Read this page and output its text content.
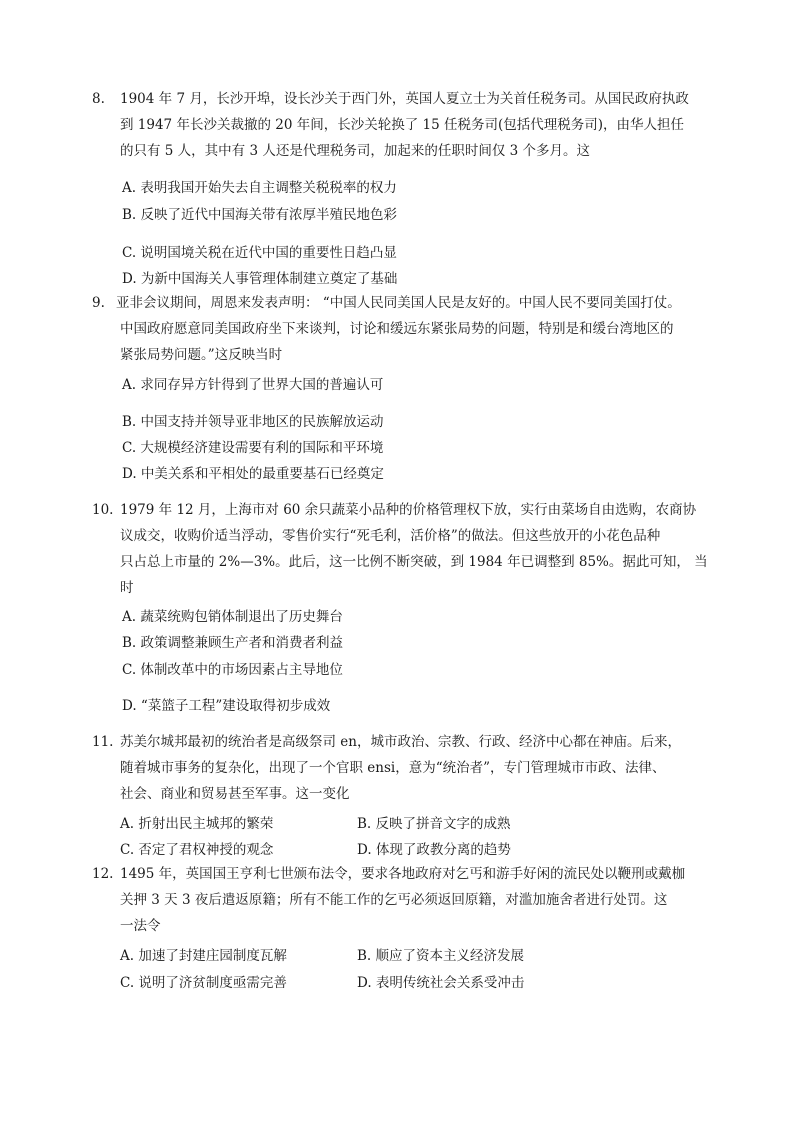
8. 1904 年 7 月，长沙开埠，设长沙关于西门外，英国人夏立士为关首任税务司。从国民政府执政
到 1947 年长沙关裁撤的 20 年间，长沙关轮换了 15 任税务司(包括代理税务司)，由华人担任
的只有 5 人，其中有 3 人还是代理税务司，加起来的任职时间仅 3 个多月。这
A. 表明我国开始失去自主调整关税税率的权力
B. 反映了近代中国海关带有浓厚半殖民地色彩
C. 说明国境关税在近代中国的重要性日趋凸显
D. 为新中国海关人事管理体制建立奠定了基础
9. 亚非会议期间，周恩来发表声明： “中国人民同美国人民是友好的。中国人民不要同美国打仗。
中国政府愿意同美国政府坐下来谈判，讨论和缓远东紧张局势的问题，特别是和缓台湾地区的
紧张局势问题。”这反映当时
A. 求同存异方针得到了世界大国的普遍认可
B. 中国支持并领导亚非地区的民族解放运动
C. 大规模经济建设需要有利的国际和平环境
D. 中美关系和平相处的最重要基石已经奠定
10. 1979 年 12 月，上海市对 60 余只蔬菜小品种的价格管理权下放，实行由菜场自由选购，农商协
议成交，收购价适当浮动，零售价实行“死毛利，活价格”的做法。但这些放开的小花色品种
只占总上市量的 2%—3%。此后，这一比例不断突破，到 1984 年已调整到 85%。据此可知， 当
时
A. 蔬菜统购包销体制退出了历史舞台
B. 政策调整兼顾生产者和消费者利益
C. 体制改革中的市场因素占主导地位
D. “菜篮子工程”建设取得初步成效
11. 苏美尔城邦最初的统治者是高级祭司 en，城市政治、宗教、行政、经济中心都在神庙。后来，
随着城市事务的复杂化，出现了一个官职 ensi，意为“统治者”，专门管理城市市政、法律、
社会、商业和贸易甚至军事。这一变化
A. 折射出民主城邦的繁荣	B. 反映了拼音文字的成熟
C. 否定了君权神授的观念	D. 体现了政教分离的趋势
12. 1495 年，英国国王亨利七世颁布法令，要求各地政府对乞丐和游手好闲的流民处以鞭刑或戴枷
关押 3 天 3 夜后遣返原籍；所有不能工作的乞丐必须返回原籍，对滥加施舍者进行处罚。这
一法令
A. 加速了封建庄园制度瓦解	B. 顺应了资本主义经济发展
C. 说明了济贫制度亟需完善	D. 表明传统社会关系受冲击
